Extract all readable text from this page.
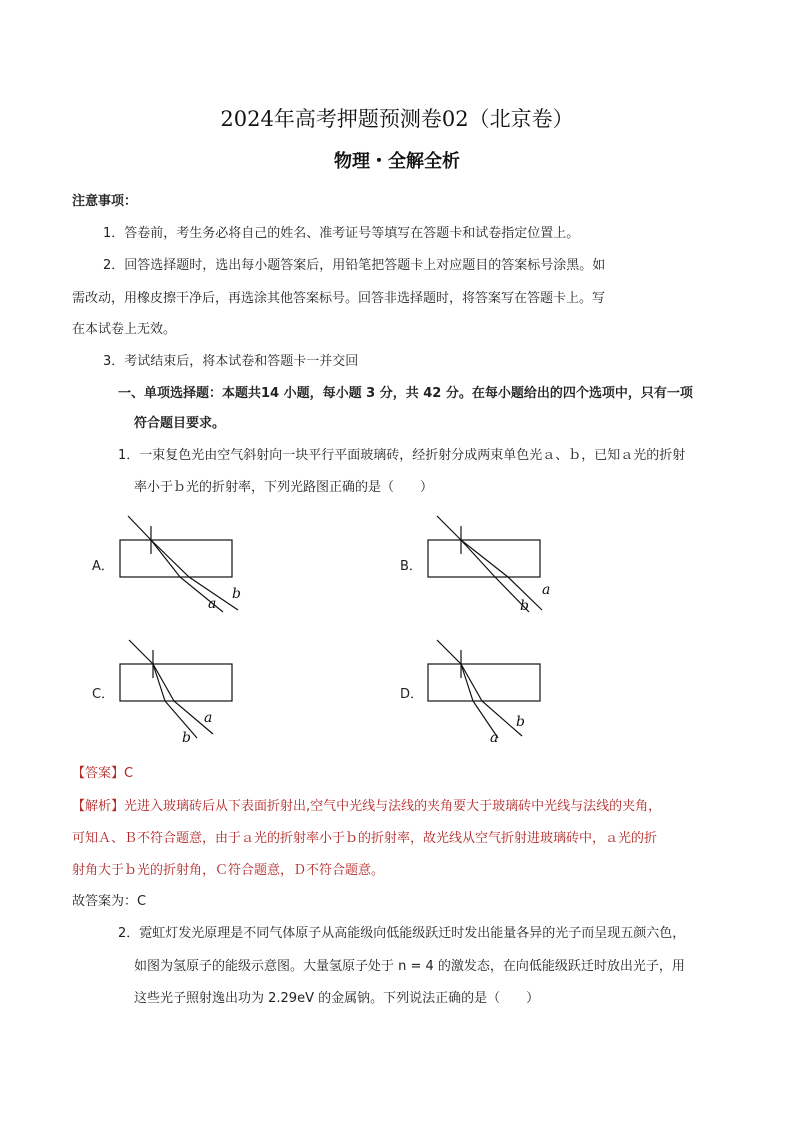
2024年高考押题预测卷02（北京卷）
物理・全解全析
注意事项：
1．答卷前，考生务必将自己的姓名、准考证号等填写在答题卡和试卷指定位置上。
2．回答选择题时，选出每小题答案后，用铅笔把答题卡上对应题目的答案标号涂黑。如
需改动，用橡皮擦干净后，再选涂其他答案标号。回答非选择题时，将答案写在答题卡上。写
在本试卷上无效。
3．考试结束后，将本试卷和答题卡一并交回
一、单项选择题：本题共14 小题，每小题 3 分，共 42 分。在每小题给出的四个选项中，只有一项
符合题目要求。
1．一束复色光由空气斜射向一块平行平面玻璃砖，经折射分成两束单色光ａ、ｂ，已知ａ光的折射
率小于ｂ光的折射率，下列光路图正确的是（　　）
A．
a
b
B．
b
a
C．
b
a
D．
a
b
【答案】C
【解析】光进入玻璃砖后从下表面折射出,空气中光线与法线的夹角要大于玻璃砖中光线与法线的夹角，
可知Ａ、Ｂ不符合题意，由于ａ光的折射率小于ｂ的折射率，故光线从空气折射进玻璃砖中，ａ光的折
射角大于ｂ光的折射角，Ｃ符合题意，Ｄ不符合题意。
故答案为：C
2．霓虹灯发光原理是不同气体原子从高能级向低能级跃迁时发出能量各异的光子而呈现五颜六色，
如图为氢原子的能级示意图。大量氢原子处于 n = 4 的激发态，在向低能级跃迁时放出光子，用
这些光子照射逸出功为 2.29eV 的金属钠。下列说法正确的是（　　）
